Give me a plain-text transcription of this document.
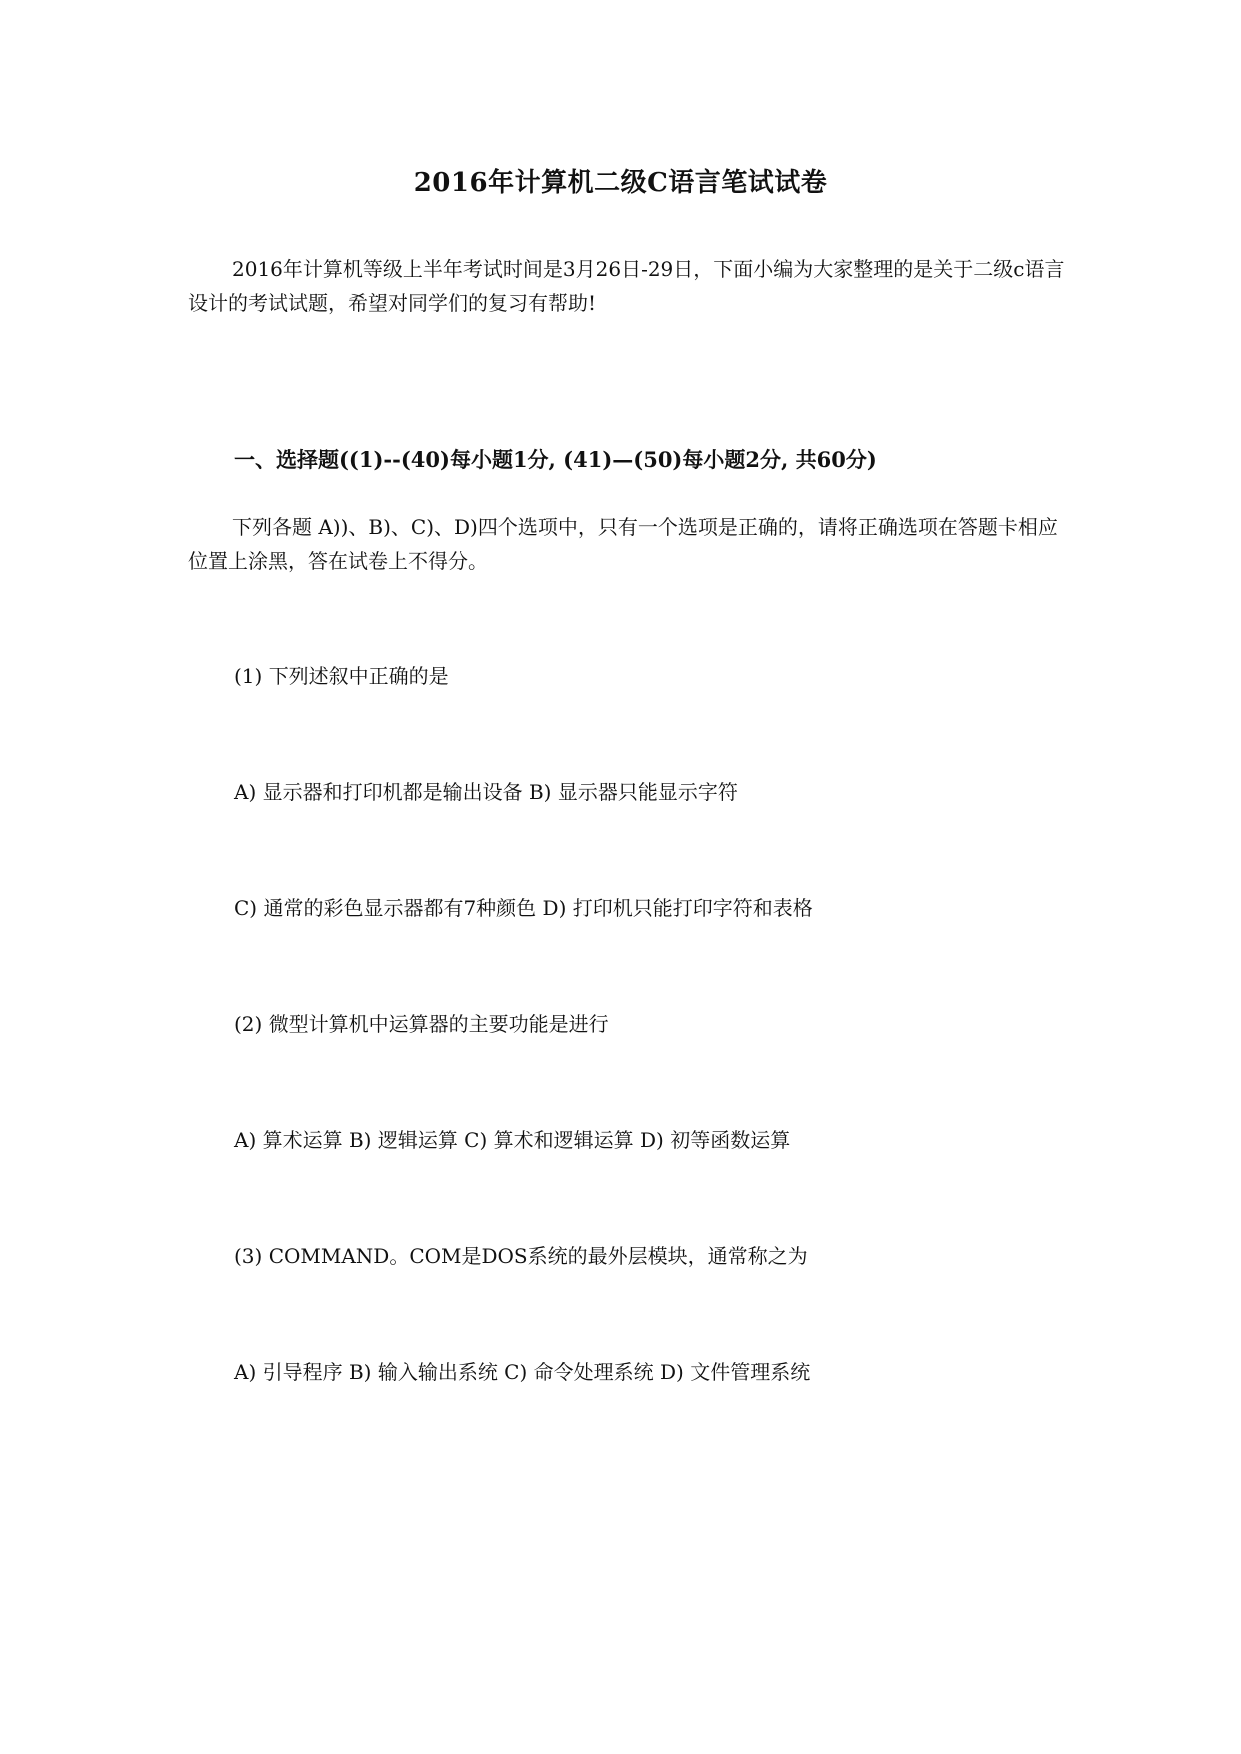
2016年计算机二级C语言笔试试卷
2016年计算机等级上半年考试时间是3月26日-29日，下面小编为大家整理的是关于二级c语言设计的考试试题，希望对同学们的复习有帮助!
一、选择题((1)--(40)每小题1分, (41)—(50)每小题2分, 共60分)
下列各题 A))、B)、C)、D)四个选项中，只有一个选项是正确的，请将正确选项在答题卡相应位置上涂黑，答在试卷上不得分。
(1) 下列述叙中正确的是
A) 显示器和打印机都是输出设备 B) 显示器只能显示字符
C) 通常的彩色显示器都有7种颜色 D) 打印机只能打印字符和表格
(2) 微型计算机中运算器的主要功能是进行
A) 算术运算 B) 逻辑运算 C) 算术和逻辑运算 D) 初等函数运算
(3) COMMAND。COM是DOS系统的最外层模块，通常称之为
A) 引导程序 B) 输入输出系统 C) 命令处理系统 D) 文件管理系统
